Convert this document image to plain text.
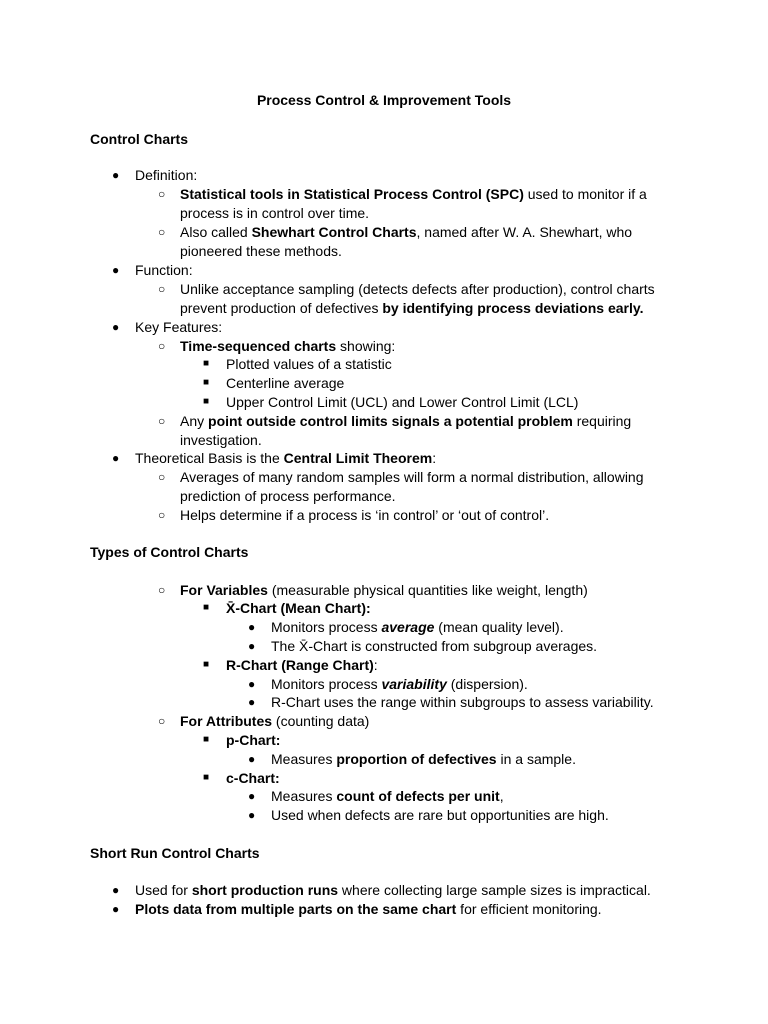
Process Control & Improvement Tools
Control Charts
● Definition:
○ Statistical tools in Statistical Process Control (SPC) used to monitor if a
process is in control over time.
○ Also called Shewhart Control Charts, named after W. A. Shewhart, who
pioneered these methods.
● Function:
○ Unlike acceptance sampling (detects defects after production), control charts
prevent production of defectives by identifying process deviations early.
● Key Features:
○ Time-sequenced charts showing:
■ Plotted values of a statistic
■ Centerline average
■ Upper Control Limit (UCL) and Lower Control Limit (LCL)
○ Any point outside control limits signals a potential problem requiring
investigation.
● Theoretical Basis is the Central Limit Theorem:
○ Averages of many random samples will form a normal distribution, allowing
prediction of process performance.
○ Helps determine if a process is ‘in control’ or ‘out of control’.
Types of Control Charts
○ For Variables (measurable physical quantities like weight, length)
■ X̄-Chart (Mean Chart):
● Monitors process average (mean quality level).
● The X̄-Chart is constructed from subgroup averages.
■ R-Chart (Range Chart):
● Monitors process variability (dispersion).
● R-Chart uses the range within subgroups to assess variability.
○ For Attributes (counting data)
■ p-Chart:
● Measures proportion of defectives in a sample.
■ c-Chart:
● Measures count of defects per unit,
● Used when defects are rare but opportunities are high.
Short Run Control Charts
● Used for short production runs where collecting large sample sizes is impractical.
● Plots data from multiple parts on the same chart for efficient monitoring.
